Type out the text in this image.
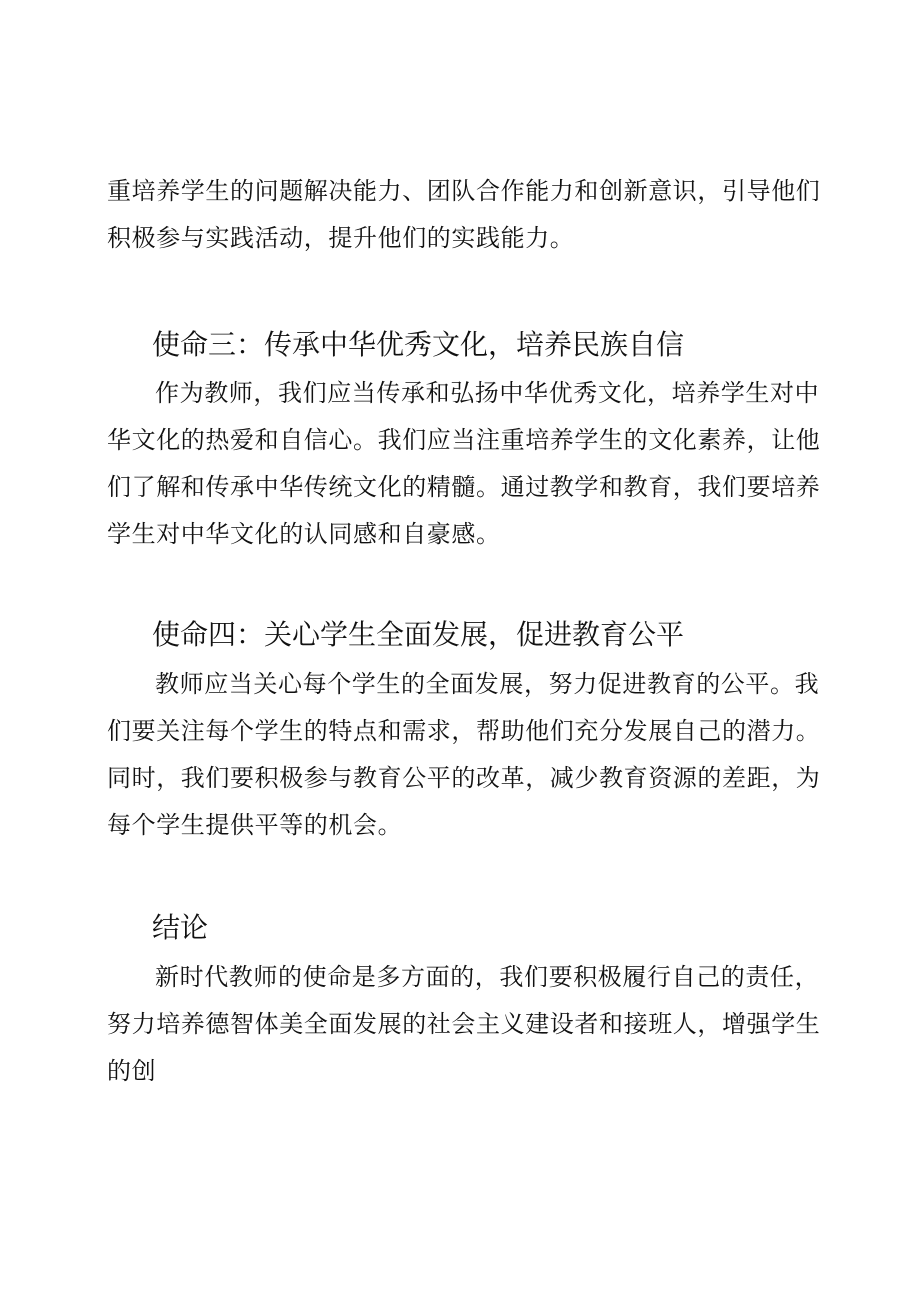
重培养学生的问题解决能力、团队合作能力和创新意识，引导他们积极参与实践活动，提升他们的实践能力。

使命三：传承中华优秀文化，培养民族自信

作为教师，我们应当传承和弘扬中华优秀文化，培养学生对中华文化的热爱和自信心。我们应当注重培养学生的文化素养，让他们了解和传承中华传统文化的精髓。通过教学和教育，我们要培养学生对中华文化的认同感和自豪感。

使命四：关心学生全面发展，促进教育公平

教师应当关心每个学生的全面发展，努力促进教育的公平。我们要关注每个学生的特点和需求，帮助他们充分发展自己的潜力。同时，我们要积极参与教育公平的改革，减少教育资源的差距，为每个学生提供平等的机会。

结论

新时代教师的使命是多方面的，我们要积极履行自己的责任，努力培养德智体美全面发展的社会主义建设者和接班人，增强学生的创
